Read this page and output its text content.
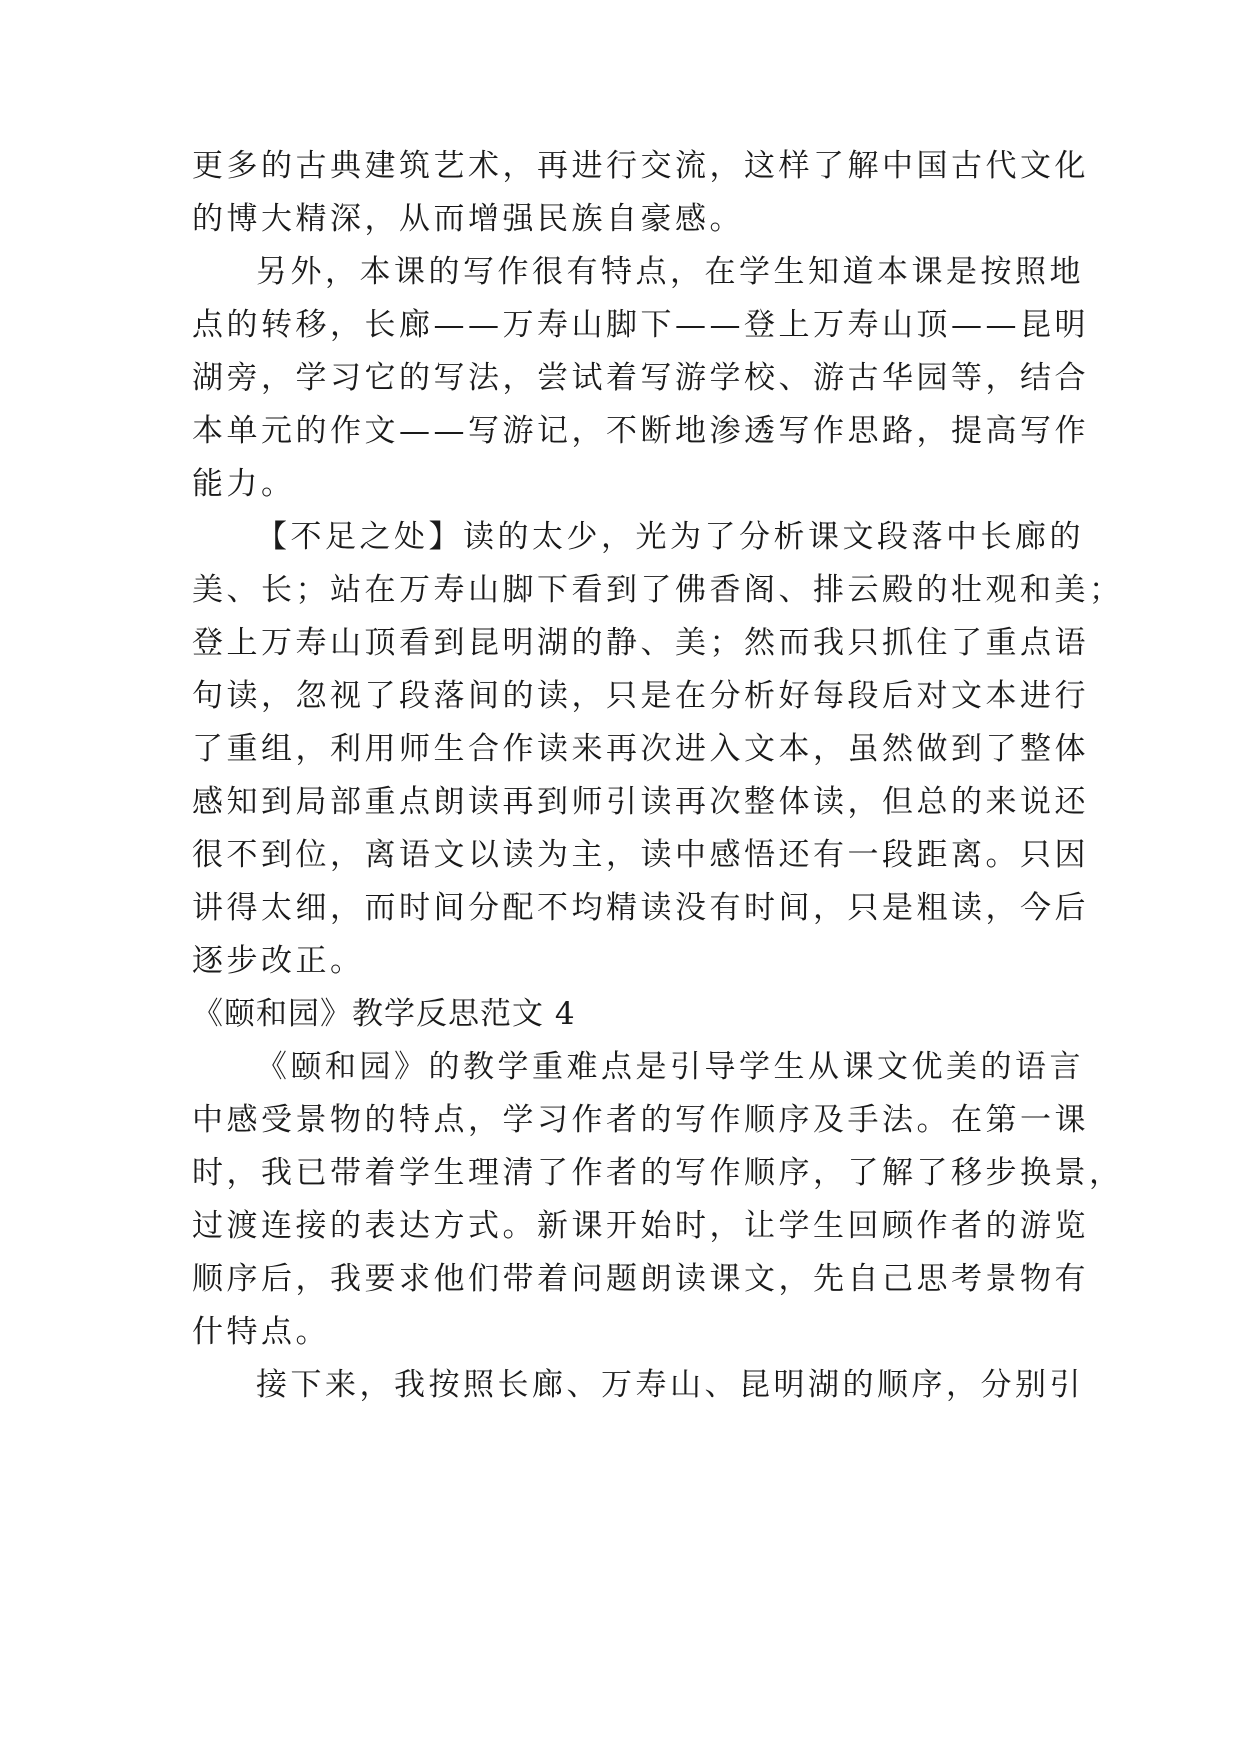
更多的古典建筑艺术，再进行交流，这样了解中国古代文化
的博大精深，从而增强民族自豪感。
另外，本课的写作很有特点，在学生知道本课是按照地
点的转移，长廊——万寿山脚下——登上万寿山顶——昆明
湖旁，学习它的写法，尝试着写游学校、游古华园等，结合
本单元的作文——写游记，不断地渗透写作思路，提高写作
能力。
【不足之处】读的太少，光为了分析课文段落中长廊的
美、长；站在万寿山脚下看到了佛香阁、排云殿的壮观和美；
登上万寿山顶看到昆明湖的静、美；然而我只抓住了重点语
句读，忽视了段落间的读，只是在分析好每段后对文本进行
了重组，利用师生合作读来再次进入文本，虽然做到了整体
感知到局部重点朗读再到师引读再次整体读，但总的来说还
很不到位，离语文以读为主，读中感悟还有一段距离。只因
讲得太细，而时间分配不均精读没有时间，只是粗读，今后
逐步改正。
《颐和园》教学反思范文 4
《颐和园》的教学重难点是引导学生从课文优美的语言
中感受景物的特点，学习作者的写作顺序及手法。在第一课
时，我已带着学生理清了作者的写作顺序，了解了移步换景，
过渡连接的表达方式。新课开始时，让学生回顾作者的游览
顺序后，我要求他们带着问题朗读课文，先自己思考景物有
什特点。
接下来，我按照长廊、万寿山、昆明湖的顺序，分别引
